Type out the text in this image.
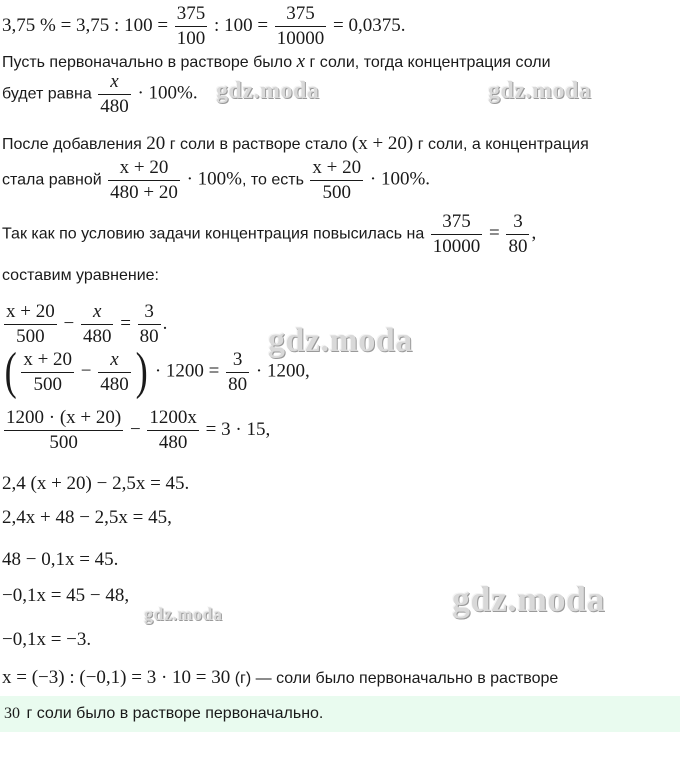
3,75 % = 3,75 : $100 = \frac{375}{100}$ : $100 = \frac{375}{10000} = 0,0375$.
Пусть первоначально в растворе было x г соли, тогда концентрация соли
будет равна $\frac{x}{480} \cdot 100\%$.
После добавления 20 г соли в растворе стало (x + 20) г соли, а концентрация
стала равной $\frac{x + 20}{480 + 20} \cdot 100\%$, то есть $\frac{x + 20}{500} \cdot 100\%$.
Так как по условию задачи концентрация повысилась на $\frac{375}{10000} = \frac{3}{80}$ ,
составим уравнение:
$\frac{x + 20}{500} - \frac{x}{480} = \frac{3}{80}$ .
( $\frac{x + 20}{500} - \frac{x}{480}$ ) · $1200 = \frac{3}{80} \cdot 1200$,
$\frac{1200 \cdot (x + 20)}{500} - \frac{1200x}{480} = 3 \cdot 15$,
2,4 (x + 20) − 2,5x = 45.
2,4x + 48 − 2,5x = 45,
48 − 0,1x = 45.
−0,1x = 45 − 48,
−0,1x = −3.
x = (−3) : (−0,1) = 3 · 10 = 30 (г) — соли было первоначально в растворе
30 г соли было в растворе первоначально.
gdz.moda	gdz.moda
gdz.moda
gdz.moda
gdz.moda
